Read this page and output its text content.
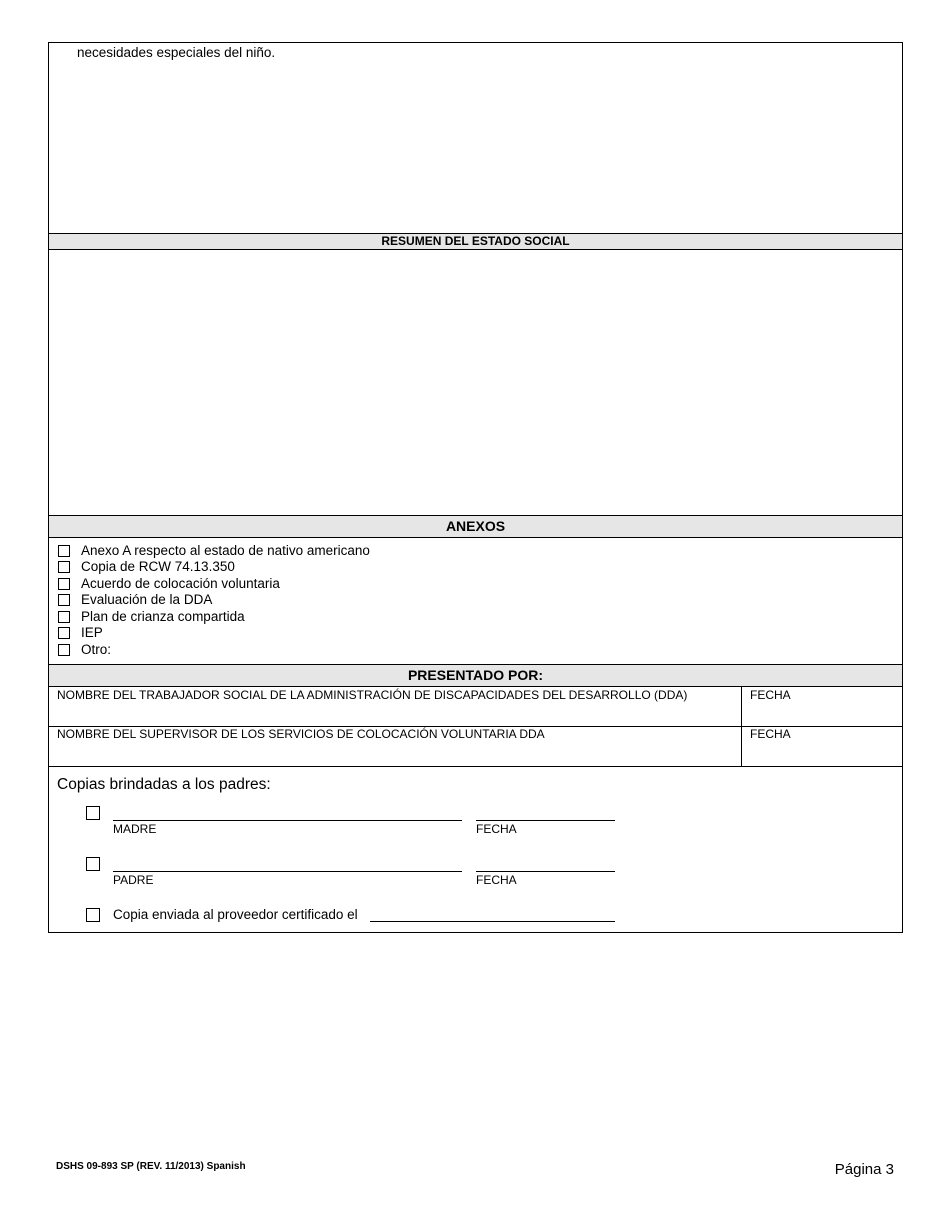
necesidades especiales del niño.
RESUMEN DEL ESTADO SOCIAL
ANEXOS
Anexo A respecto al estado de nativo americano
Copia de RCW 74.13.350
Acuerdo de colocación voluntaria
Evaluación de la DDA
Plan de crianza compartida
IEP
Otro:
PRESENTADO POR:
NOMBRE DEL TRABAJADOR SOCIAL DE LA ADMINISTRACIÓN DE DISCAPACIDADES DEL DESARROLLO (DDA)	FECHA
NOMBRE DEL SUPERVISOR DE LOS SERVICIOS DE COLOCACIÓN VOLUNTARIA DDA	FECHA
Copias brindadas a los padres:
MADRE	FECHA
PADRE	FECHA
Copia enviada al proveedor certificado el
DSHS 09-893 SP (REV. 11/2013) Spanish	Página 3
